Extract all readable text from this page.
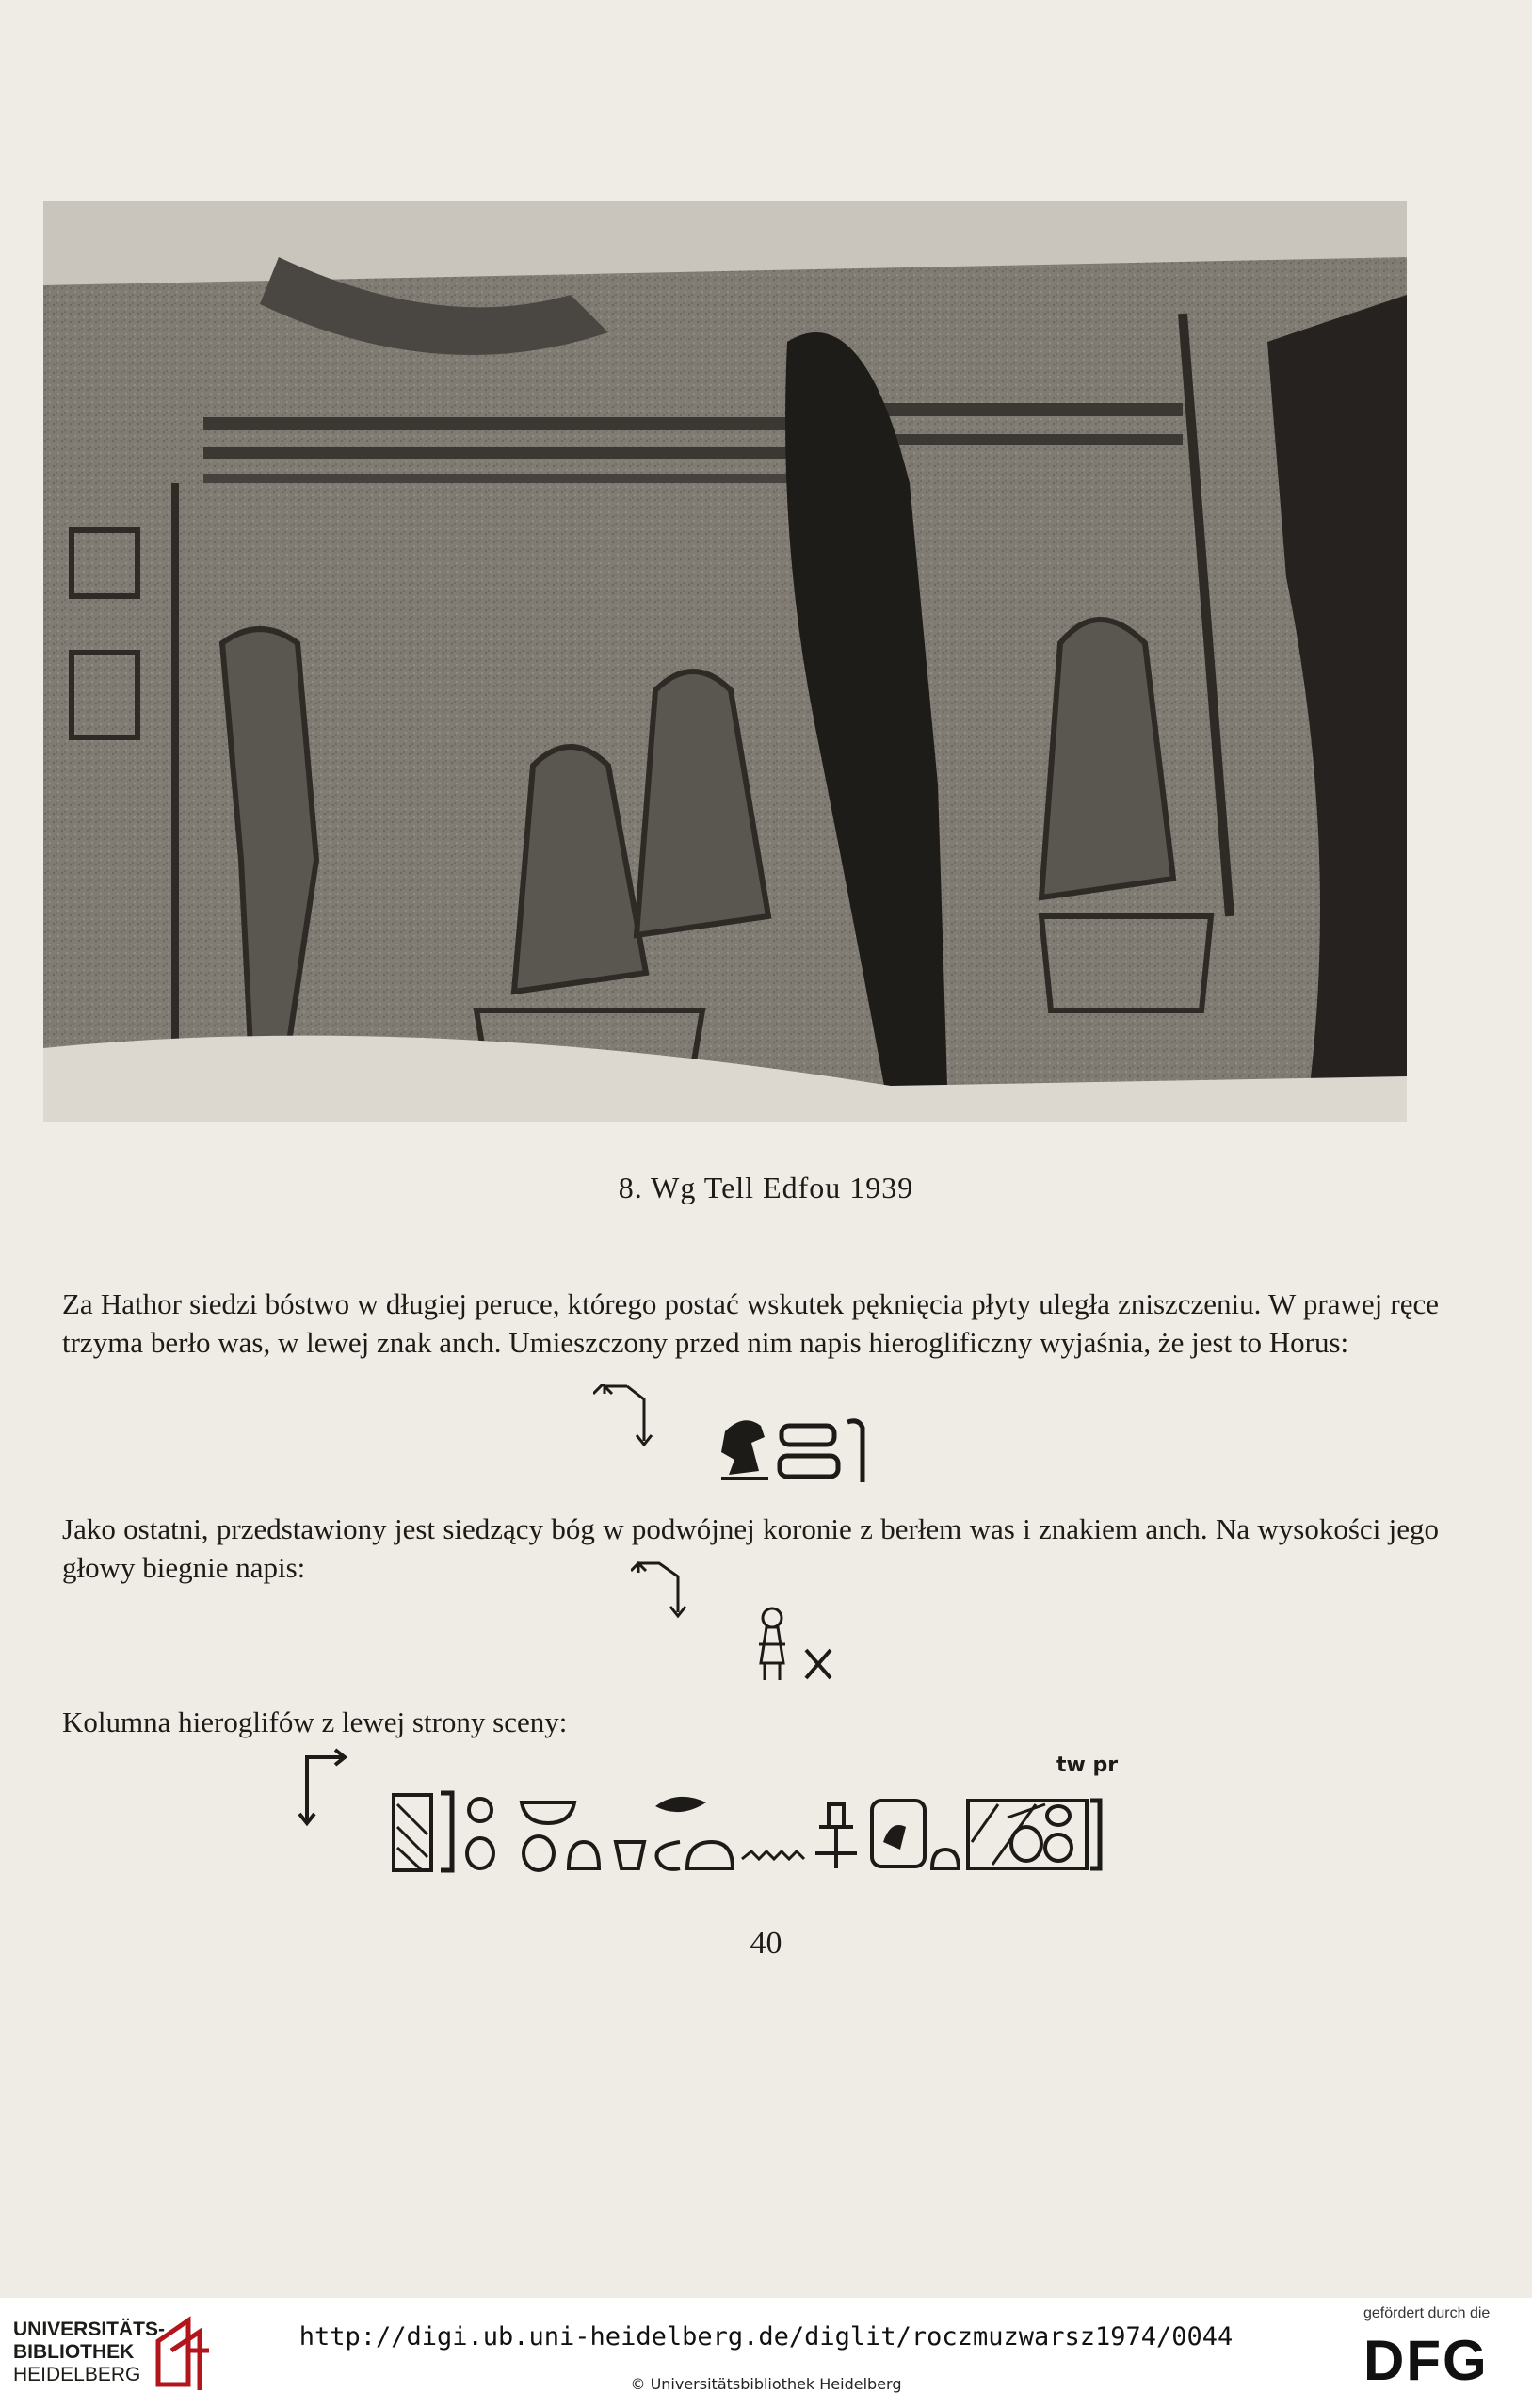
8. Wg Tell Edfou 1939

Za Hathor siedzi bóstwo w długiej peruce, którego postać wskutek pęknięcia płyty uległa zniszczeniu. W prawej ręce trzyma berło was, w lewej znak anch. Umieszczony przed nim napis hieroglificzny wyjaśnia, że jest to Horus:

Jako ostatni, przedstawiony jest siedzący bóg w podwójnej koronie z berłem was i znakiem anch. Na wysokości jego głowy biegnie napis:

Kolumna hieroglifów z lewej strony sceny:

tw pr

40

UNIVERSITÄTS-
BIBLIOTHEK
HEIDELBERG
http://digi.ub.uni-heidelberg.de/diglit/roczmuzwarsz1974/0044
© Universitätsbibliothek Heidelberg
gefördert durch die
DFG
